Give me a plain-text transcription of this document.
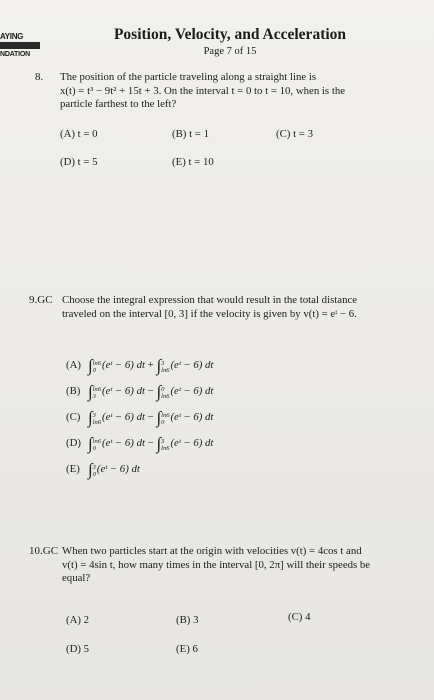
AYING
NDATION
Position, Velocity, and Acceleration
Page 7 of 15
8. The position of the particle traveling along a straight line is
x(t) = t³ − 9t² + 15t + 3. On the interval t = 0 to t = 10, when is the
particle farthest to the left?
(A) t = 0	(B) t = 1	(C) t = 3
(D) t = 5	(E) t = 10
9.GC Choose the integral expression that would result in the total distance
traveled on the interval [0, 3] if the velocity is given by v(t) = eᵗ − 6.
(A) ∫ ln6
0 (eᵗ − 6) dt + ∫ 3
ln6 (eᵗ − 6) dt
(B) ∫ ln6
3 (eᵗ − 6) dt − ∫ 0
ln6 (eᵗ − 6) dt
(C) ∫ 3
ln6 (eᵗ − 6) dt − ∫ ln6
0 (eᵗ − 6) dt
(D) ∫ ln6
0 (eᵗ − 6) dt − ∫ 3
ln6 (eᵗ − 6) dt
(E) ∫ 3
0 (eᵗ − 6) dt
10.GC When two particles start at the origin with velocities v(t) = 4cos t and
v(t) = 4sin t, how many times in the interval [0, 2π] will their speeds be
equal?
(A) 2	(B) 3	(C) 4
(D) 5	(E) 6
